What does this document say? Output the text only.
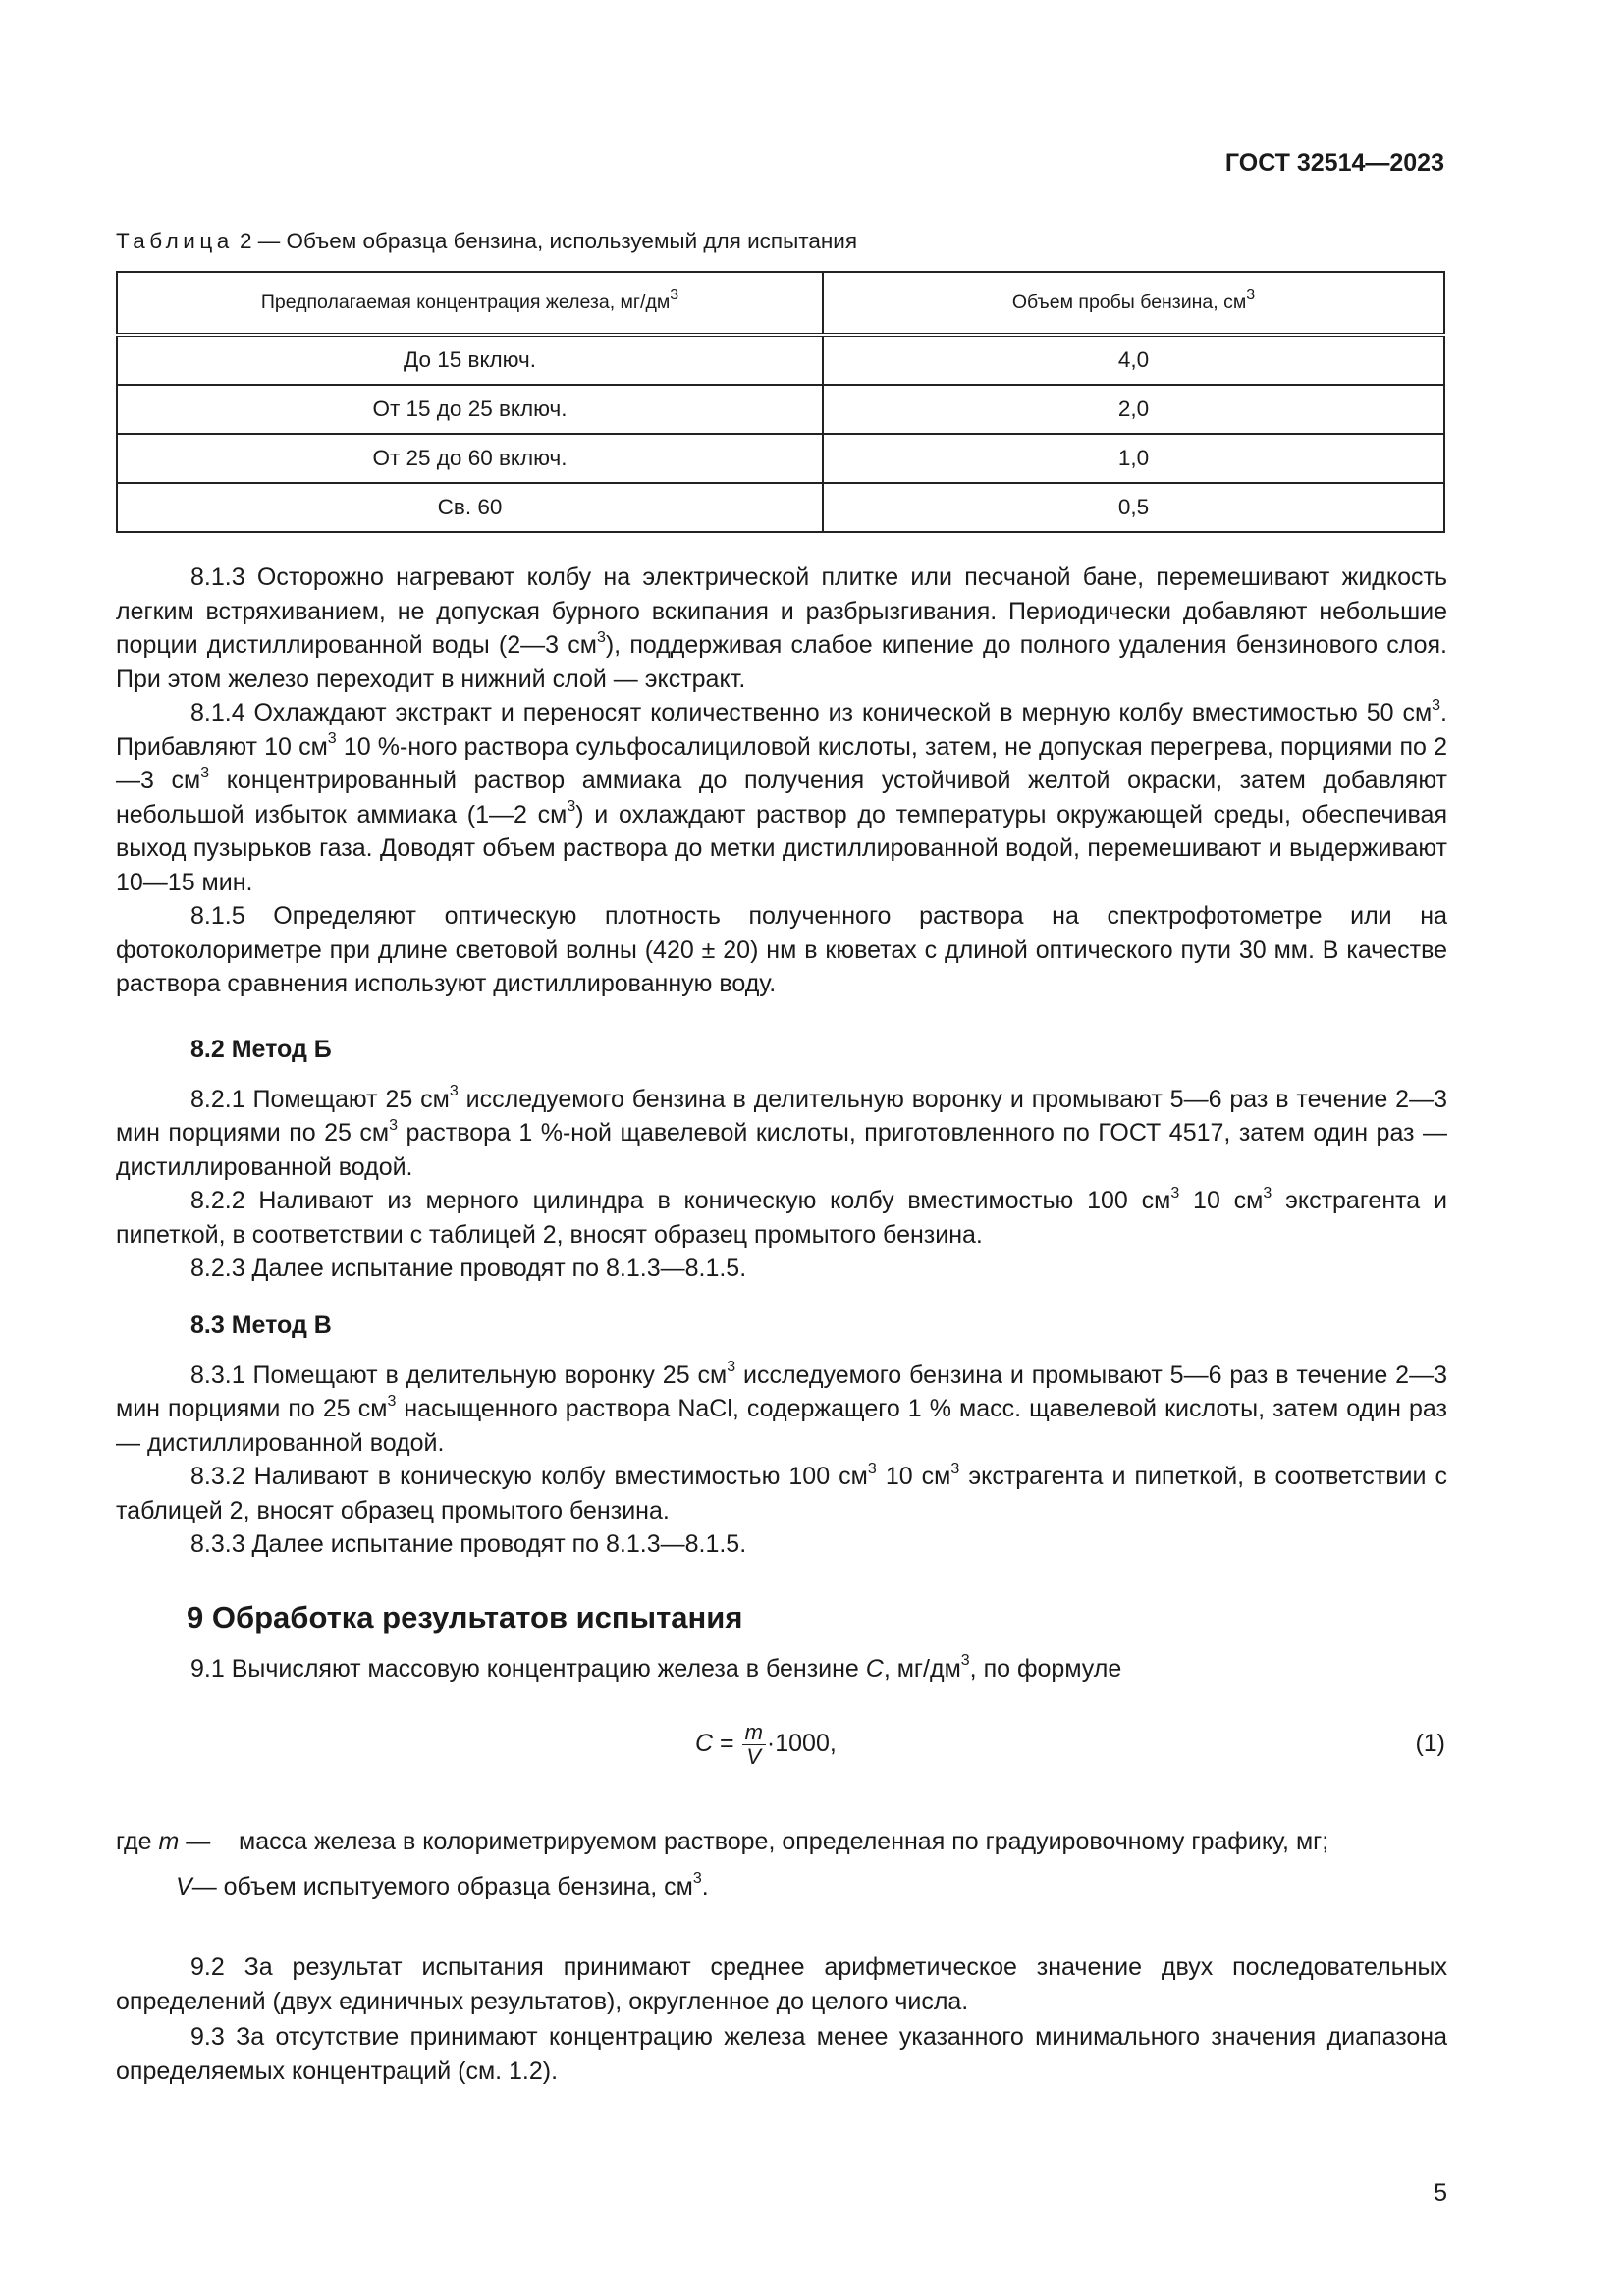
ГОСТ 32514—2023
Таблица 2 — Объем образца бензина, используемый для испытания
Предполагаемая концентрация железа, $мг/дм^3$	Объем пробы бензина, $см^3$
До 15 включ.	4,0
От 15 до 25 включ.	2,0
От 25 до 60 включ.	1,0
Св. 60	0,5

8.1.3 Осторожно нагревают колбу на электрической плитке или песчаной бане, перемешивают жидкость легким встряхиванием, не допуская бурного вскипания и разбрызгивания. Периодически добавляют небольшие порции дистиллированной воды (2—3 $см^3$), поддерживая слабое кипение до полного удаления бензинового слоя. При этом железо переходит в нижний слой — экстракт.

8.1.4 Охлаждают экстракт и переносят количественно из конической в мерную колбу вместимостью 50 $см^3$. Прибавляют 10 $см^3$ 10 %-ного раствора сульфосалициловой кислоты, затем, не допуская перегрева, порциями по 2—3 $см^3$ концентрированный раствор аммиака до получения устойчивой желтой окраски, затем добавляют небольшой избыток аммиака (1—2 $см^3$) и охлаждают раствор до температуры окружающей среды, обеспечивая выход пузырьков газа. Доводят объем раствора до метки дистиллированной водой, перемешивают и выдерживают 10—15 мин.

8.1.5 Определяют оптическую плотность полученного раствора на спектрофотометре или на фотоколориметре при длине световой волны (420 ± 20) нм в кюветах с длиной оптического пути 30 мм. В качестве раствора сравнения используют дистиллированную воду.

8.2 Метод Б

8.2.1 Помещают 25 $см^3$ исследуемого бензина в делительную воронку и промывают 5—6 раз в течение 2—3 мин порциями по 25 $см^3$ раствора 1 %-ной щавелевой кислоты, приготовленного по ГОСТ 4517, затем один раз — дистиллированной водой.

8.2.2 Наливают из мерного цилиндра в коническую колбу вместимостью 100 $см^3$ 10 $см^3$ экстрагента и пипеткой, в соответствии с таблицей 2, вносят образец промытого бензина.

8.2.3 Далее испытание проводят по 8.1.3—8.1.5.

8.3 Метод В

8.3.1 Помещают в делительную воронку 25 $см^3$ исследуемого бензина и промывают 5—6 раз в течение 2—3 мин порциями по 25 $см^3$ насыщенного раствора NaCl, содержащего 1 % масс. щавелевой кислоты, затем один раз — дистиллированной водой.

8.3.2 Наливают в коническую колбу вместимостью 100 $см^3$ 10 $см^3$ экстрагента и пипеткой, в соответствии с таблицей 2, вносят образец промытого бензина.

8.3.3 Далее испытание проводят по 8.1.3—8.1.5.

9 Обработка результатов испытания

9.1 Вычисляют массовую концентрацию железа в бензине C, $мг/дм^3$, по формуле

$C = \frac{m}{V} \cdot 1000$,	(1)
где m —	масса железа в колориметрируемом растворе, определенная по градуировочному графику, мг;
V— объем испытуемого образца бензина, $см^3$.

9.2 За результат испытания принимают среднее арифметическое значение двух последовательных определений (двух единичных результатов), округленное до целого числа.

9.3 За отсутствие принимают концентрацию железа менее указанного минимального значения диапазона определяемых концентраций (см. 1.2).

5
